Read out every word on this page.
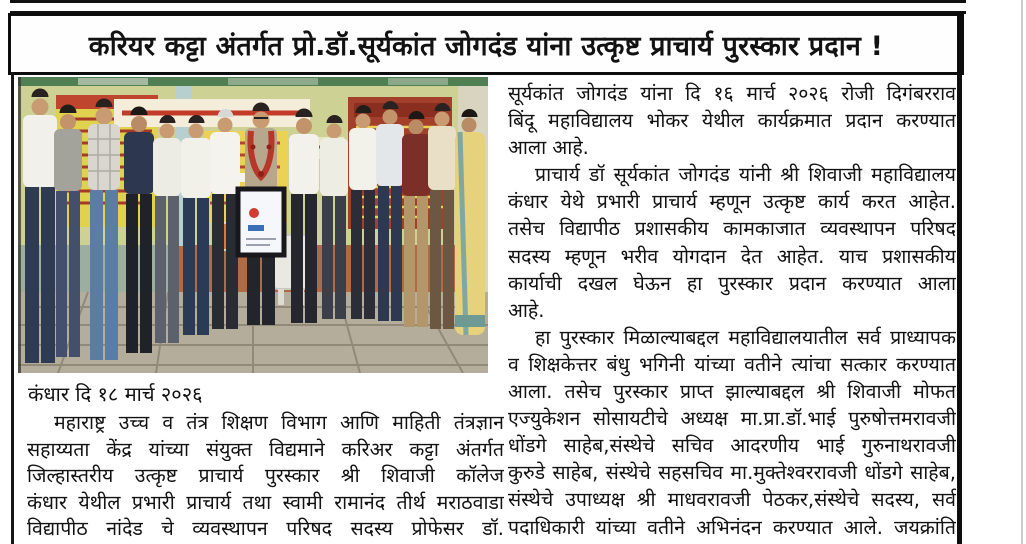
करियर कट्टा अंतर्गत प्रो.डॉ.सूर्यकांत जोगदंड यांना उत्कृष्ट प्राचार्य पुरस्कार प्रदान !
कंधार दि १८ मार्च २०२६
महाराष्ट्र उच्च व तंत्र शिक्षण विभाग आणि माहिती तंत्रज्ञान
सहाय्यता केंद्र यांच्या संयुक्त विद्यमाने करिअर कट्टा अंतर्गत
जिल्हास्तरीय उत्कृष्ट प्राचार्य पुरस्कार श्री शिवाजी कॉलेज
कंधार येथील प्रभारी प्राचार्य तथा स्वामी रामानंद तीर्थ मराठवाडा
विद्यापीठ नांदेड चे व्यवस्थापन परिषद सदस्य प्रोफेसर डॉ.
सूर्यकांत जोगदंड यांना दि १६ मार्च २०२६ रोजी दिगंबरराव
बिंदू महाविद्यालय भोकर येथील कार्यक्रमात प्रदान करण्यात
आला आहे.
प्राचार्य डॉ सूर्यकांत जोगदंड यांनी श्री शिवाजी महाविद्यालय
कंधार येथे प्रभारी प्राचार्य म्हणून उत्कृष्ट कार्य करत आहेत.
तसेच विद्यापीठ प्रशासकीय कामकाजात व्यवस्थापन परिषद
सदस्य म्हणून भरीव योगदान देत आहेत. याच प्रशासकीय
कार्याची दखल घेऊन हा पुरस्कार प्रदान करण्यात आला
आहे.
हा पुरस्कार मिळाल्याबद्दल महाविद्यालयातील सर्व प्राध्यापक
व शिक्षकेत्तर बंधु भगिनी यांच्या वतीने त्यांचा सत्कार करण्यात
आला. तसेच पुरस्कार प्राप्त झाल्याबद्दल श्री शिवाजी मोफत
एज्युकेशन सोसायटीचे अध्यक्ष मा.प्रा.डॉ.भाई पुरुषोत्तमरावजी
धोंडगे साहेब,संस्थेचे सचिव आदरणीय भाई गुरुनाथरावजी
कुरुडे साहेब, संस्थेचे सहसचिव मा.मुक्तेश्वररावजी धोंडगे साहेब,
संस्थेचे उपाध्यक्ष श्री माधवरावजी पेठकर,संस्थेचे सदस्य, सर्व
पदाधिकारी यांच्या वतीने अभिनंदन करण्यात आले. जयक्रांति
